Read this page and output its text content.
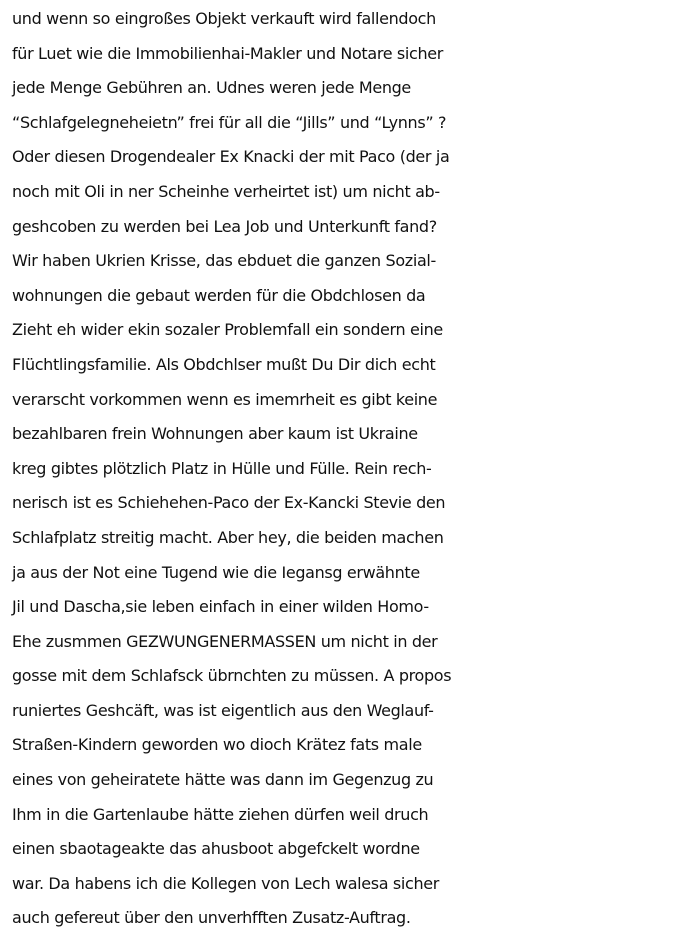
und wenn so eingroßes Objekt verkauft wird fallendoch
für Luet wie die Immobilienhai-Makler und Notare sicher
jede Menge Gebühren an. Udnes weren jede Menge
“Schlafgelegneheietn” frei für all die “Jills” und “Lynns” ?
Oder diesen Drogendealer Ex Knacki der mit Paco (der ja
noch mit Oli in ner Scheinhe verheirtet ist) um nicht ab-
geshcoben zu werden bei Lea Job und Unterkunft fand?
Wir haben Ukrien Krisse, das ebduet die ganzen Sozial-
wohnungen die gebaut werden für die Obdchlosen da
Zieht eh wider ekin sozaler Problemfall ein sondern eine
Flüchtlingsfamilie. Als Obdchlser mußt Du Dir dich echt
verarscht vorkommen wenn es imemrheit es gibt keine
bezahlbaren frein Wohnungen aber kaum ist Ukraine
kreg gibtes plötzlich Platz in Hülle und Fülle. Rein rech-
nerisch ist es Schiehehen-Paco der Ex-Kancki Stevie den
Schlafplatz streitig macht. Aber hey, die beiden machen
ja aus der Not eine Tugend wie die Iegansg erwähnte
Jil und Dascha,sie leben einfach in einer wilden Homo-
Ehe zusmmen GEZWUNGENERMASSEN um nicht in der
gosse mit dem Schlafsck übrnchten zu müssen. A propos
runiertes Geshcäft, was ist eigentlich aus den Weglauf-
Straßen-Kindern geworden wo dioch Krätez fats male
eines von geheiratete hätte was dann im Gegenzug zu
Ihm in die Gartenlaube hätte ziehen dürfen weil druch
einen sbaotageakte das ahusboot abgefckelt wordne
war. Da habens ich die Kollegen von Lech walesa sicher
auch gefereut über den unverhfften Zusatz-Auftrag.
